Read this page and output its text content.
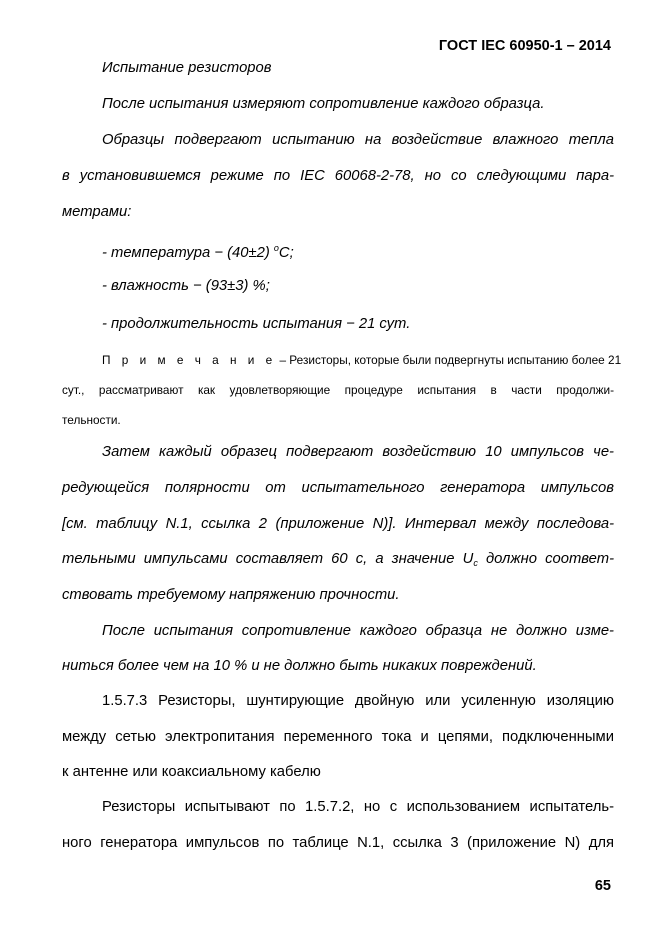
ГОСТ IEC 60950-1 – 2014
Испытание резисторов
После испытания измеряют сопротивление каждого образца.
Образцы подвергают испытанию на воздействие влажного тепла
в установившемся режиме по IEC 60068-2-78, но со следующими пара-
метрами:
- температура − (40±2) $^o$C;
- влажность − (93±3) %;
- продолжительность испытания − 21 сут.
П р и м е ч а н и е – Резисторы, которые были подвергнуты испытанию более 21
сут., рассматривают как удовлетворяющие процедуре испытания в части продолжи-
тельности.
Затем каждый образец подвергают воздействию 10 импульсов че-
редующейся полярности от испытательного генератора импульсов
[см. таблицу N.1, ссылка 2 (приложение N)]. Интервал между последова-
тельными импульсами составляет 60 с, а значение $U_c$ должно соответ-
ствовать требуемому напряжению прочности.
После испытания сопротивление каждого образца не должно изме-
ниться более чем на 10 % и не должно быть никаких повреждений.
1.5.7.3 Резисторы, шунтирующие двойную или усиленную изоляцию
между сетью электропитания переменного тока и цепями, подключенными
к антенне или коаксиальному кабелю
Резисторы испытывают по 1.5.7.2, но с использованием испытатель-
ного генератора импульсов по таблице N.1, ссылка 3 (приложение N) для
65
